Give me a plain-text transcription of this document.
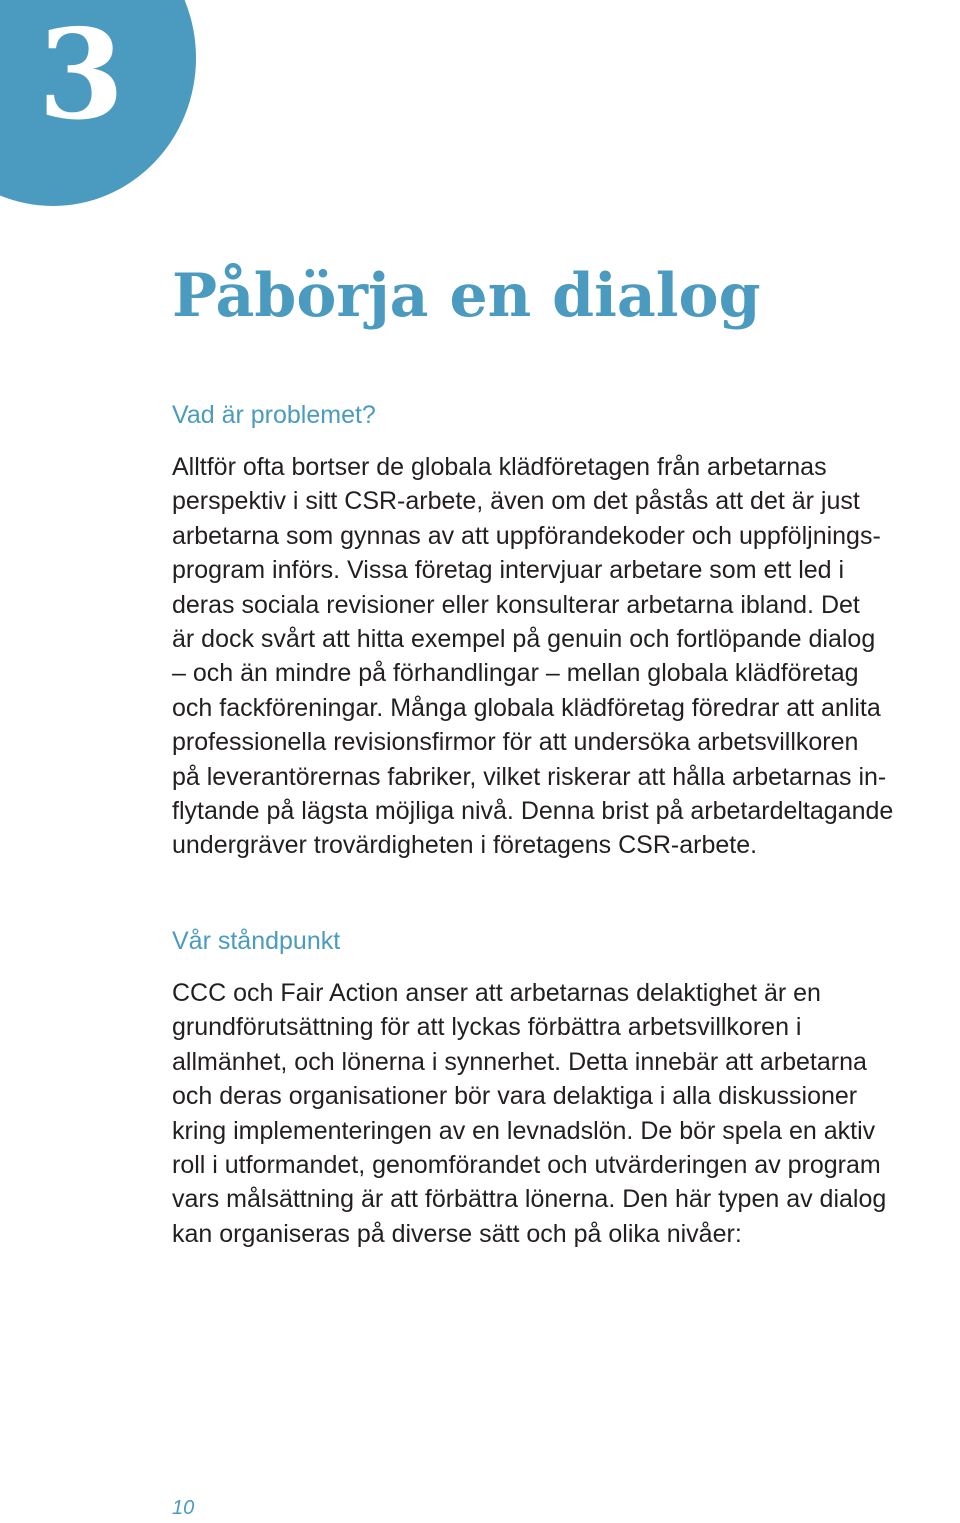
3
Påbörja en dialog
Vad är problemet?

Alltför ofta bortser de globala klädföretagen från arbetarnas
perspektiv i sitt CSR-arbete, även om det påstås att det är just
arbetarna som gynnas av att uppförandekoder och uppföljnings-
program införs. Vissa företag intervjuar arbetare som ett led i
deras sociala revisioner eller konsulterar arbetarna ibland. Det
är dock svårt att hitta exempel på genuin och fortlöpande dialog
– och än mindre på förhandlingar – mellan globala klädföretag
och fackföreningar. Många globala klädföretag föredrar att anlita
professionella revisionsfirmor för att undersöka arbetsvillkoren
på leverantörernas fabriker, vilket riskerar att hålla arbetarnas in-
flytande på lägsta möjliga nivå. Denna brist på arbetardeltagande
undergräver trovärdigheten i företagens CSR-arbete.

Vår ståndpunkt

CCC och Fair Action anser att arbetarnas delaktighet är en
grundförutsättning för att lyckas förbättra arbetsvillkoren i
allmänhet, och lönerna i synnerhet. Detta innebär att arbetarna
och deras organisationer bör vara delaktiga i alla diskussioner
kring implementeringen av en levnadslön. De bör spela en aktiv
roll i utformandet, genomförandet och utvärderingen av program
vars målsättning är att förbättra lönerna. Den här typen av dialog
kan organiseras på diverse sätt och på olika nivåer:

10
